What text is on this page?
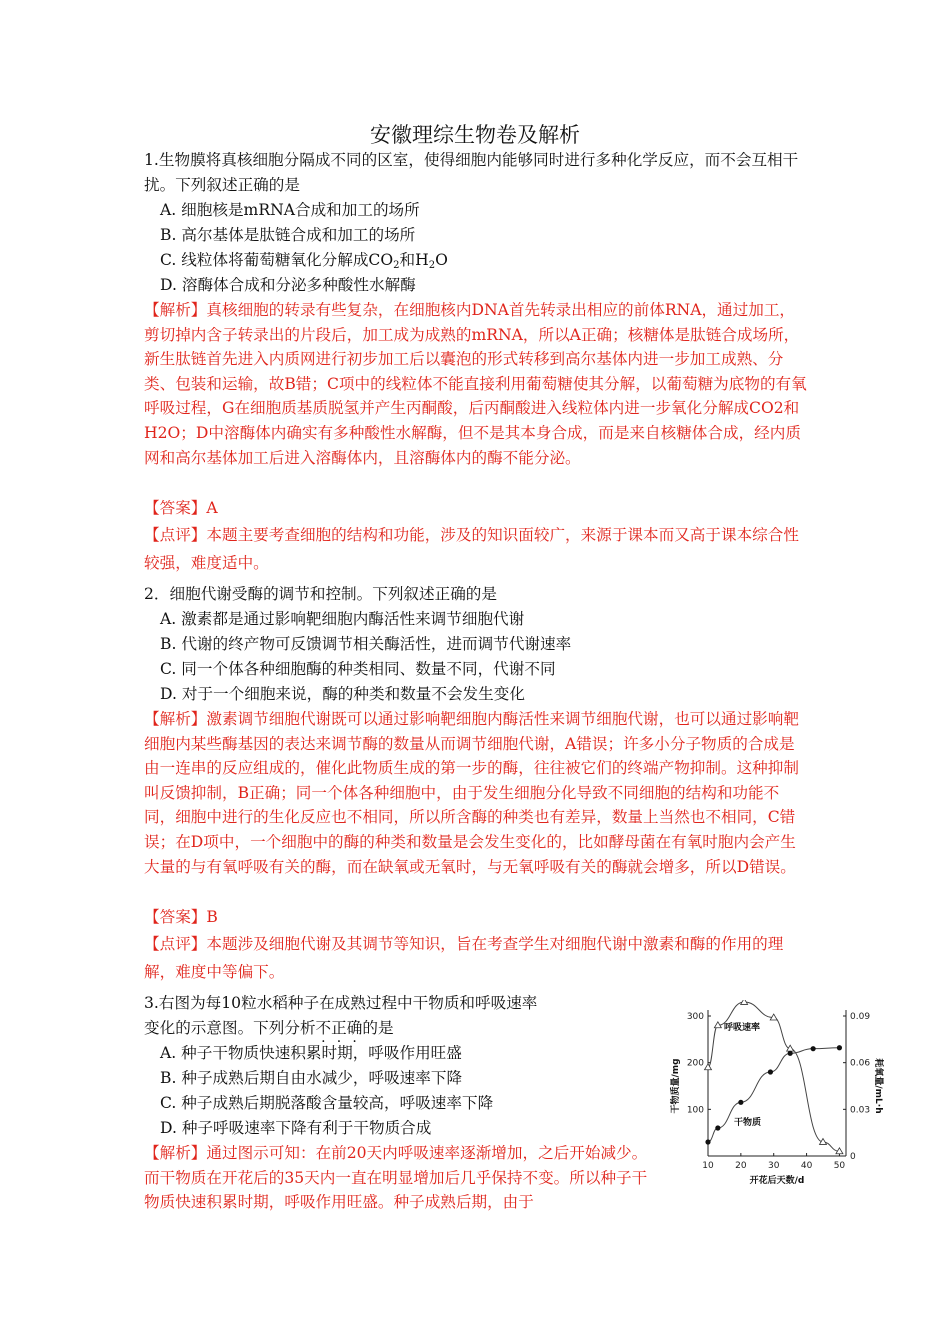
安徽理综生物卷及解析

1.生物膜将真核细胞分隔成不同的区室，使得细胞内能够同时进行多种化学反应，而不会互相干扰。下列叙述正确的是

A. 细胞核是mRNA合成和加工的场所
B. 高尔基体是肽链合成和加工的场所
C. 线粒体将葡萄糖氧化分解成$CO_2$和$H_2O$
D. 溶酶体合成和分泌多种酸性水解酶

【解析】真核细胞的转录有些复杂，在细胞核内DNA首先转录出相应的前体RNA，通过加工，剪切掉内含子转录出的片段后，加工成为成熟的mRNA，所以A正确；核糖体是肽链合成场所，新生肽链首先进入内质网进行初步加工后以囊泡的形式转移到高尔基体内进一步加工成熟、分类、包装和运输，故B错；C项中的线粒体不能直接利用葡萄糖使其分解，以葡萄糖为底物的有氧呼吸过程，G在细胞质基质脱氢并产生丙酮酸，后丙酮酸进入线粒体内进一步氧化分解成CO2和H2O；D中溶酶体内确实有多种酸性水解酶，但不是其本身合成，而是来自核糖体合成，经内质网和高尔基体加工后进入溶酶体内，且溶酶体内的酶不能分泌。

【答案】A

【点评】本题主要考查细胞的结构和功能，涉及的知识面较广，来源于课本而又高于课本综合性较强，难度适中。

2．细胞代谢受酶的调节和控制。下列叙述正确的是
A. 激素都是通过影响靶细胞内酶活性来调节细胞代谢
B. 代谢的终产物可反馈调节相关酶活性，进而调节代谢速率
C. 同一个体各种细胞酶的种类相同、数量不同，代谢不同
D. 对于一个细胞来说，酶的种类和数量不会发生变化

【解析】激素调节细胞代谢既可以通过影响靶细胞内酶活性来调节细胞代谢，也可以通过影响靶细胞内某些酶基因的表达来调节酶的数量从而调节细胞代谢，A错误；许多小分子物质的合成是由一连串的反应组成的，催化此物质生成的第一步的酶，往往被它们的终端产物抑制。这种抑制叫反馈抑制，B正确；同一个体各种细胞中，由于发生细胞分化导致不同细胞的结构和功能不同，细胞中进行的生化反应也不相同，所以所含酶的种类也有差异，数量上当然也不相同，C错误；在D项中，一个细胞中的酶的种类和数量是会发生变化的，比如酵母菌在有氧时胞内会产生大量的与有氧呼吸有关的酶，而在缺氧或无氧时，与无氧呼吸有关的酶就会增多，所以D错误。

【答案】B

【点评】本题涉及细胞代谢及其调节等知识，旨在考查学生对细胞代谢中激素和酶的作用的理解，难度中等偏下。

3.右图为每10粒水稻种子在成熟过程中干物质和呼吸速率
变化的示意图。下列分析不正确的是
A. 种子干物质快速积累时期，呼吸作用旺盛
B. 种子成熟后期自由水减少，呼吸速率下降
C. 种子成熟后期脱落酸含量较高，呼吸速率下降
D. 种子呼吸速率下降有利于干物质合成

【解析】通过图示可知：在前20天内呼吸速率逐渐增加，之后开始减少。而干物质在开花后的35天内一直在明显增加后几乎保持不变。所以种子干物质快速积累时期，呼吸作用旺盛。种子成熟后期，由于

10 20 30 40 50
100
200
300
0
0.03
0.06
0.09
开花后天数/d
干物质量/mg	耗氧量/mL·h
呼吸速率
干物质
